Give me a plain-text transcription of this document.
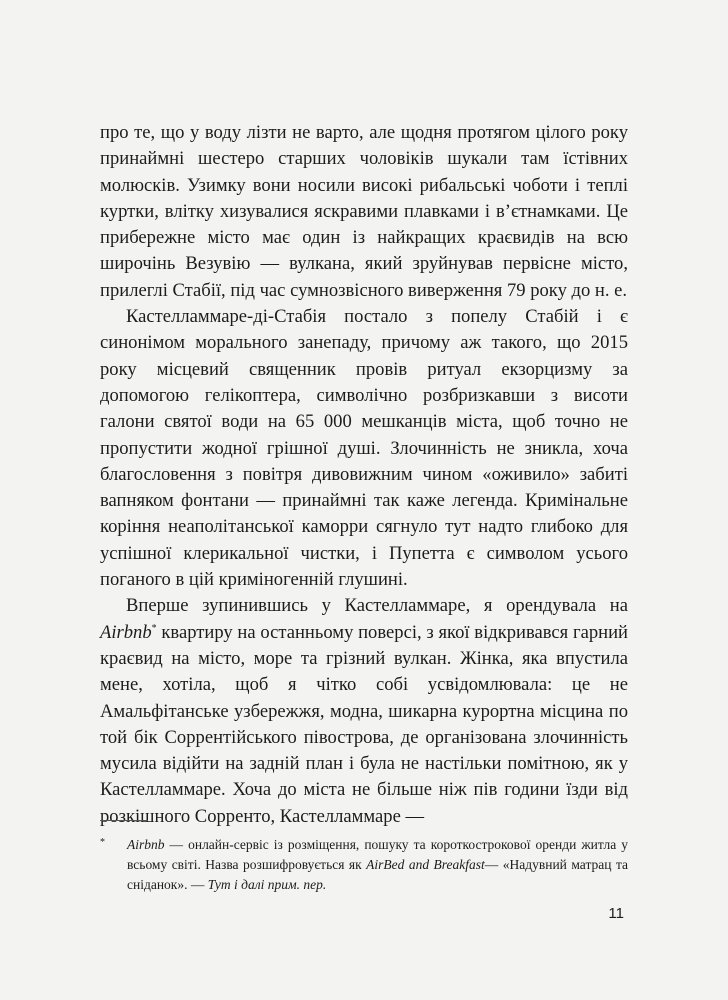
про те, що у воду лізти не варто, але щодня протягом цілого року принаймні шестеро старших чоловіків шукали там їстівних молюсків. Узимку вони носили високі рибальські чоботи і теплі куртки, влітку хизувалися яскравими плавками і в’єтнамками. Це прибережне місто має один із найкращих краєвидів на всю широчінь Везувію — вулкана, який зруйнував первісне місто, прилеглі Стабії, під час сумнозвісного виверження 79 року до н. е.

Кастелламмаре-ді-Стабія постало з попелу Стабій і є синонімом морального занепаду, причому аж такого, що 2015 року місцевий священник провів ритуал екзорцизму за допомогою гелікоптера, символічно розбризкавши з висоти галони святої води на 65 000 мешканців міста, щоб точно не пропустити жодної грішної душі. Злочинність не зникла, хоча благословення з повітря дивовижним чином «оживило» забиті вапняком фонтани — принаймні так каже легенда. Кримінальне коріння неаполітанської каморри сягнуло тут надто глибоко для успішної клерикальної чистки, і Пупетта є символом усього поганого в цій криміногенній глушині.

Вперше зупинившись у Кастелламмаре, я орендувала на Airbnb* квартиру на останньому поверсі, з якої відкривався гарний краєвид на місто, море та грізний вулкан. Жінка, яка впустила мене, хотіла, щоб я чітко собі усвідомлювала: це не Амальфітанське узбережжя, модна, шикарна курортна місцина по той бік Соррентійського півострова, де організована злочинність мусила відійти на задній план і була не настільки помітною, як у Кастелламмаре. Хоча до міста не більше ніж пів години їзди від розкішного Сорренто, Кастелламмаре —

* Airbnb — онлайн-сервіс із розміщення, пошуку та короткострокової оренди житла у всьому світі. Назва розшифровується як AirBed and Breakfast— «Надувний матрац та сніданок». — Тут і далі прим. пер.
11
